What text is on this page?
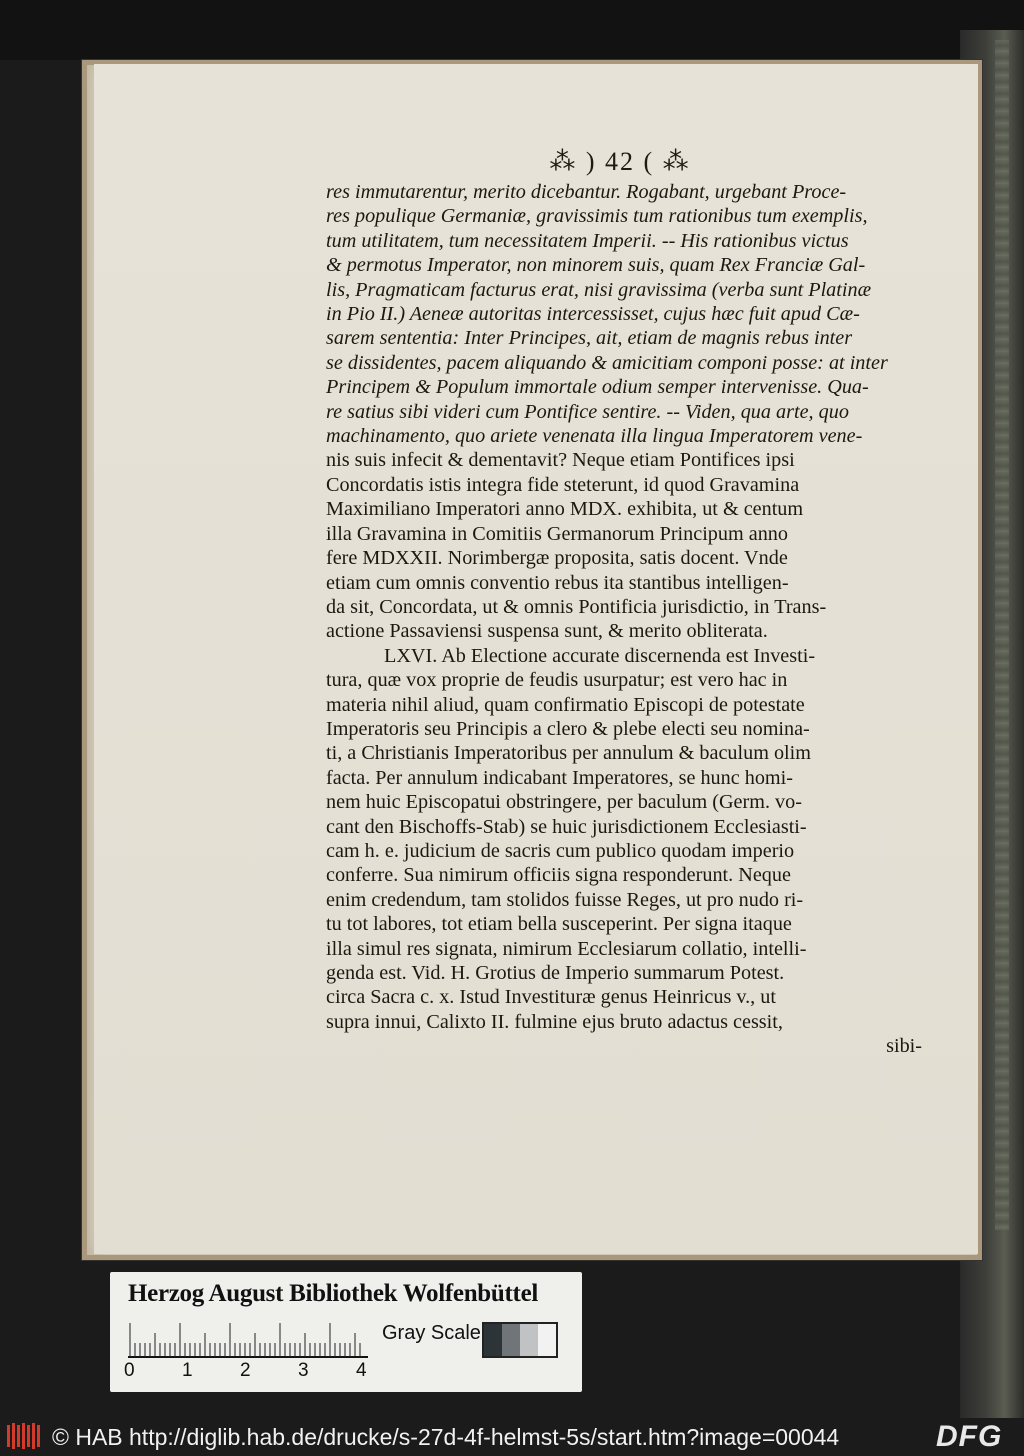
⁂ ) 42 ( ⁂
res immutarentur, merito dicebantur. Rogabant, urgebant Proce-
res populique Germaniæ, gravissimis tum rationibus tum exemplis,
tum utilitatem, tum necessitatem Imperii. -- His rationibus victus
& permotus Imperator, non minorem suis, quam Rex Franciæ Gal-
lis, Pragmaticam facturus erat, nisi gravissima (verba sunt Platinæ
in Pio II.) Aeneæ autoritas intercessisset, cujus hæc fuit apud Cæ-
sarem sententia: Inter Principes, ait, etiam de magnis rebus inter
se dissidentes, pacem aliquando & amicitiam componi posse: at inter
Principem & Populum immortale odium semper intervenisse. Qua-
re satius sibi videri cum Pontifice sentire. -- Viden, qua arte, quo
machinamento, quo ariete venenata illa lingua Imperatorem vene-
nis suis infecit & dementavit? Neque etiam Pontifices ipsi
Concordatis istis integra fide steterunt, id quod Gravamina
Maximiliano Imperatori anno MDX. exhibita, ut & centum
illa Gravamina in Comitiis Germanorum Principum anno
fere MDXXII. Norimbergæ proposita, satis docent. Vnde
etiam cum omnis conventio rebus ita stantibus intelligen-
da sit, Concordata, ut & omnis Pontificia jurisdictio, in Trans-
actione Passaviensi suspensa sunt, & merito obliterata.
LXVI. Ab Electione accurate discernenda est Investi-
tura, quæ vox proprie de feudis usurpatur; est vero hac in
materia nihil aliud, quam confirmatio Episcopi de potestate
Imperatoris seu Principis a clero & plebe electi seu nomina-
ti, a Christianis Imperatoribus per annulum & baculum olim
facta. Per annulum indicabant Imperatores, se hunc homi-
nem huic Episcopatui obstringere, per baculum (Germ. vo-
cant den Bischoffs-Stab) se huic jurisdictionem Ecclesiasti-
cam h. e. judicium de sacris cum publico quodam imperio
conferre. Sua nimirum officiis signa responderunt. Neque
enim credendum, tam stolidos fuisse Reges, ut pro nudo ri-
tu tot labores, tot etiam bella susceperint. Per signa itaque
illa simul res signata, nimirum Ecclesiarum collatio, intelli-
genda est. Vid. H. Grotius de Imperio summarum Potest.
circa Sacra c. x. Istud Investituræ genus Heinricus v., ut
supra innui, Calixto II. fulmine ejus bruto adactus cessit,
sibi-
Herzog August Bibliothek Wolfenbüttel
0 1 2 3 4
Gray Scale
© HAB http://diglib.hab.de/drucke/s-27d-4f-helmst-5s/start.htm?image=00044	DFG
